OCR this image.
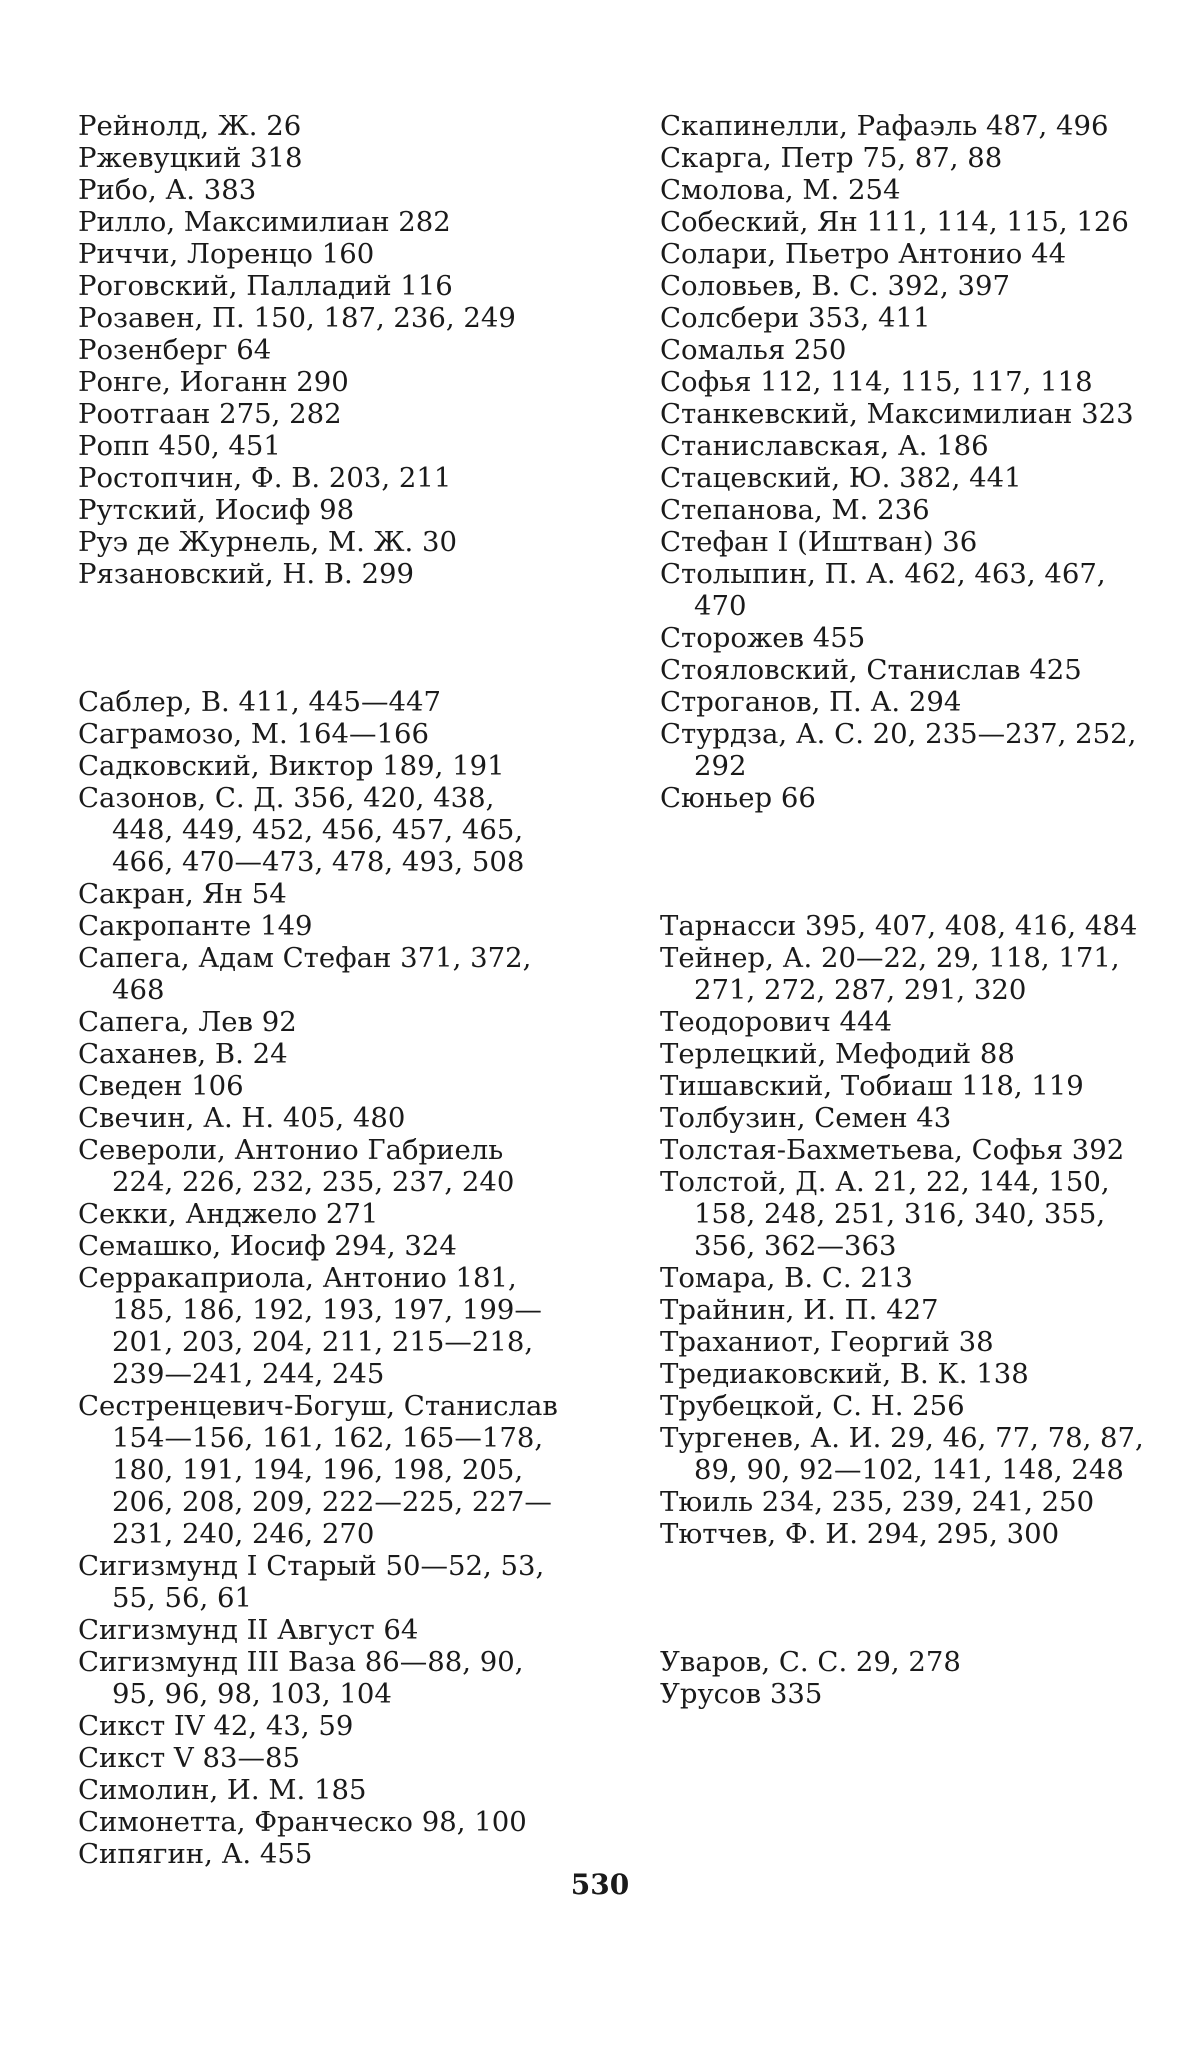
Рейнолд, Ж. 26

Ржевуцкий 318

Рибо, А. 383

Рилло, Максимилиан 282

Риччи, Лоренцо 160

Роговский, Палладий 116

Розавен, П. 150, 187, 236, 249

Розенберг 64

Ронге, Иоганн 290

Роотгаан 275, 282

Ропп 450, 451

Ростопчин, Ф. В. 203, 211

Рутский, Иосиф 98

Руэ де Журнель, М. Ж. 30

Рязановский, Н. В. 299

Саблер, В. 411, 445—447

Саграмозо, М. 164—166

Садковский, Виктор 189, 191

Сазонов, С. Д. 356, 420, 438, 448, 449, 452, 456, 457, 465, 466, 470—473, 478, 493, 508

Сакран, Ян 54

Сакропанте 149

Сапега, Адам Стефан 371, 372, 468

Сапега, Лев 92

Саханев, В. 24

Сведен 106

Свечин, А. Н. 405, 480

Североли, Антонио Габриель 224, 226, 232, 235, 237, 240

Секки, Анджело 271

Семашко, Иосиф 294, 324

Серракаприола, Антонио 181, 185, 186, 192, 193, 197, 199—201, 203, 204, 211, 215—218, 239—241, 244, 245

Сестренцевич-Богуш, Станислав 154—156, 161, 162, 165—178, 180, 191, 194, 196, 198, 205, 206, 208, 209, 222—225, 227—231, 240, 246, 270

Сигизмунд I Старый 50—52, 53, 55, 56, 61

Сигизмунд II Август 64

Сигизмунд III Ваза 86—88, 90, 95, 96, 98, 103, 104

Сикст IV 42, 43, 59

Сикст V 83—85

Симолин, И. М. 185

Симонетта, Франческо 98, 100

Сипягин, А. 455

Скапинелли, Рафаэль 487, 496

Скарга, Петр 75, 87, 88

Смолова, М. 254

Собеский, Ян 111, 114, 115, 126

Солари, Пьетро Антонио 44

Соловьев, В. С. 392, 397

Солсбери 353, 411

Сомалья 250

Софья 112, 114, 115, 117, 118

Станкевский, Максимилиан 323

Станиславская, А. 186

Стацевский, Ю. 382, 441

Степанова, М. 236

Стефан I (Иштван) 36

Столыпин, П. А. 462, 463, 467, 470

Сторожев 455

Стояловский, Станислав 425

Строганов, П. А. 294

Стурдза, А. С. 20, 235—237, 252, 292

Сюньер 66

Тарнасси 395, 407, 408, 416, 484

Тейнер, А. 20—22, 29, 118, 171, 271, 272, 287, 291, 320

Теодорович 444

Терлецкий, Мефодий 88

Тишавский, Тобиаш 118, 119

Толбузин, Семен 43

Толстая-Бахметьева, Софья 392

Толстой, Д. А. 21, 22, 144, 150, 158, 248, 251, 316, 340, 355, 356, 362—363

Томара, В. С. 213

Трайнин, И. П. 427

Траханиот, Георгий 38

Тредиаковский, В. К. 138

Трубецкой, С. Н. 256

Тургенев, А. И. 29, 46, 77, 78, 87, 89, 90, 92—102, 141, 148, 248

Тюиль 234, 235, 239, 241, 250

Тютчев, Ф. И. 294, 295, 300

Уваров, С. С. 29, 278

Урусов 335

530
